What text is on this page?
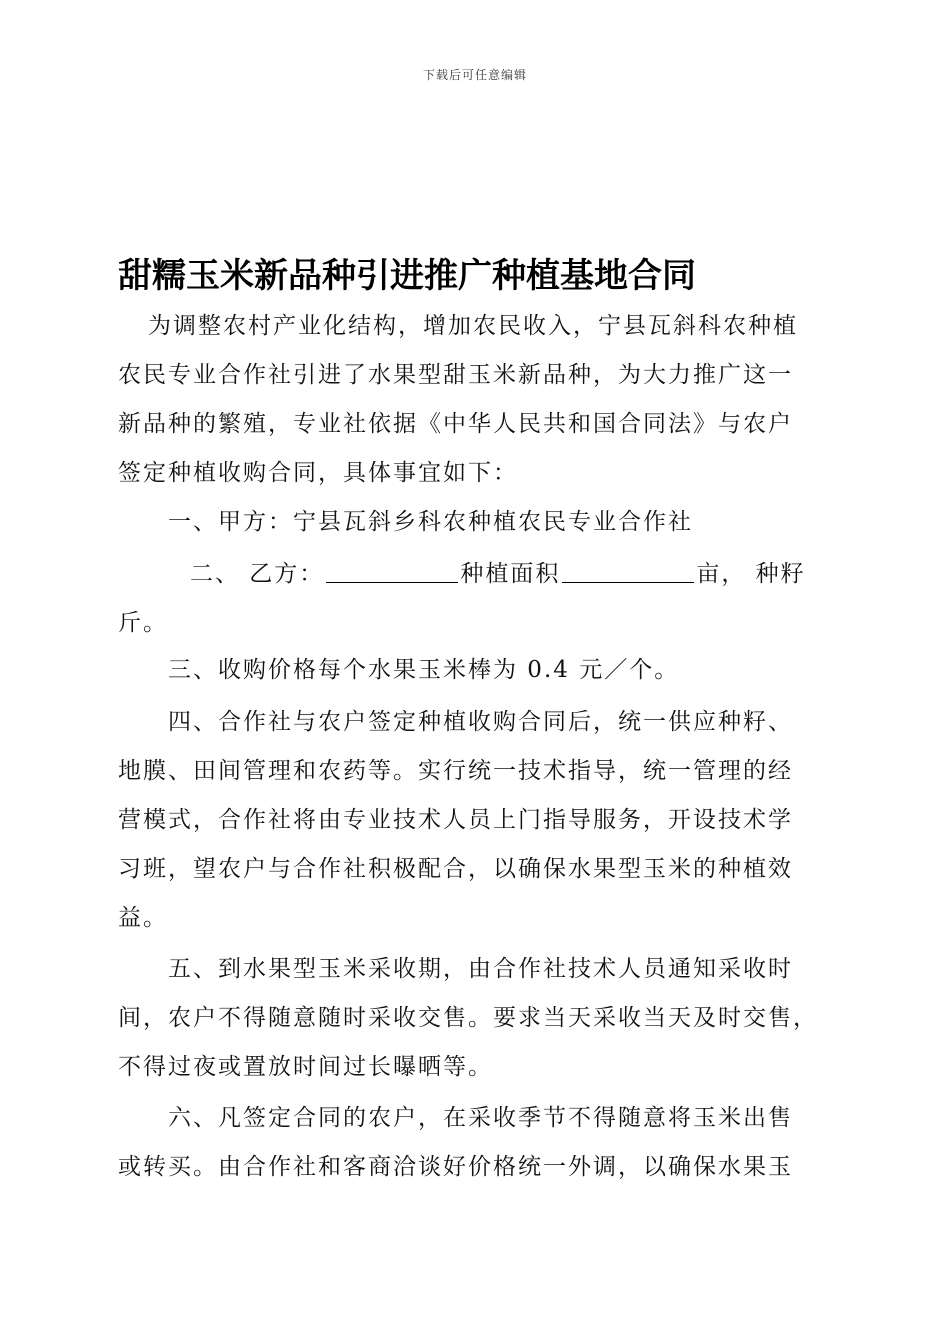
下载后可任意编辑
甜糯玉米新品种引进推广种植基地合同
为调整农村产业化结构，增加农民收入，宁县瓦斜科农种植
农民专业合作社引进了水果型甜玉米新品种，为大力推广这一
新品种的繁殖，专业社依据《中华人民共和国合同法》与农户
签定种植收购合同，具体事宜如下：
一、甲方：宁县瓦斜乡科农种植农民专业合作社
二、 乙方：	种植面积	亩， 种籽
斤。
三、收购价格每个水果玉米棒为 0.4 元／个。
四、合作社与农户签定种植收购合同后，统一供应种籽、
地膜、田间管理和农药等。实行统一技术指导，统一管理的经
营模式，合作社将由专业技术人员上门指导服务，开设技术学
习班，望农户与合作社积极配合，以确保水果型玉米的种植效
益。
五、到水果型玉米采收期，由合作社技术人员通知采收时
间，农户不得随意随时采收交售。要求当天采收当天及时交售，
不得过夜或置放时间过长曝晒等。
六、凡签定合同的农户，在采收季节不得随意将玉米出售
或转买。由合作社和客商洽谈好价格统一外调，以确保水果玉
